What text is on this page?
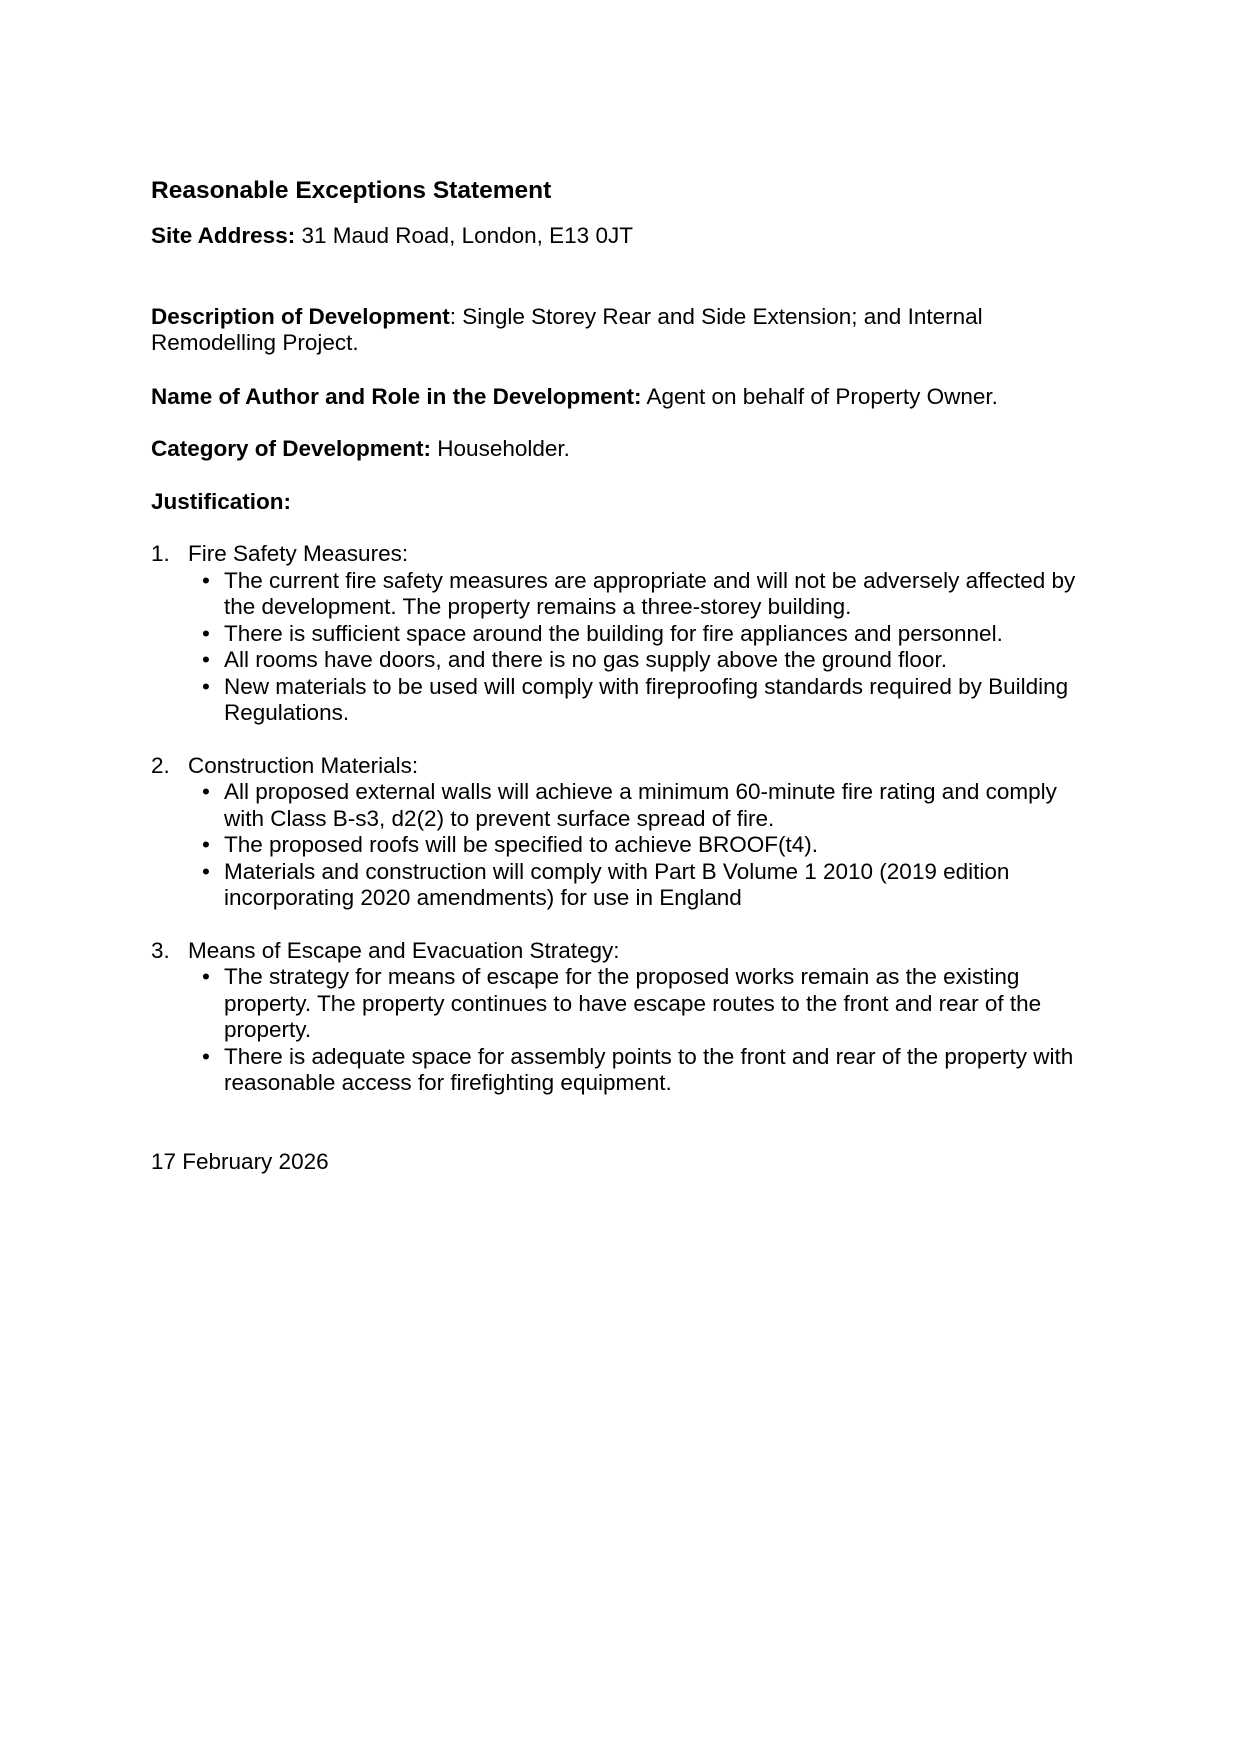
Reasonable Exceptions Statement

Site Address: 31 Maud Road, London, E13 0JT

Description of Development: Single Storey Rear and Side Extension; and Internal Remodelling Project.

Name of Author and Role in the Development: Agent on behalf of Property Owner.

Category of Development: Householder.

Justification:

1. Fire Safety Measures:
• The current fire safety measures are appropriate and will not be adversely affected by the development. The property remains a three-storey building.
• There is sufficient space around the building for fire appliances and personnel.
• All rooms have doors, and there is no gas supply above the ground floor.
• New materials to be used will comply with fireproofing standards required by Building Regulations.
2. Construction Materials:
• All proposed external walls will achieve a minimum 60-minute fire rating and comply with Class B-s3, d2(2) to prevent surface spread of fire.
• The proposed roofs will be specified to achieve BROOF(t4).
• Materials and construction will comply with Part B Volume 1 2010 (2019 edition incorporating 2020 amendments) for use in England
3. Means of Escape and Evacuation Strategy:
• The strategy for means of escape for the proposed works remain as the existing property. The property continues to have escape routes to the front and rear of the property.
• There is adequate space for assembly points to the front and rear of the property with reasonable access for firefighting equipment.

17 February 2026
